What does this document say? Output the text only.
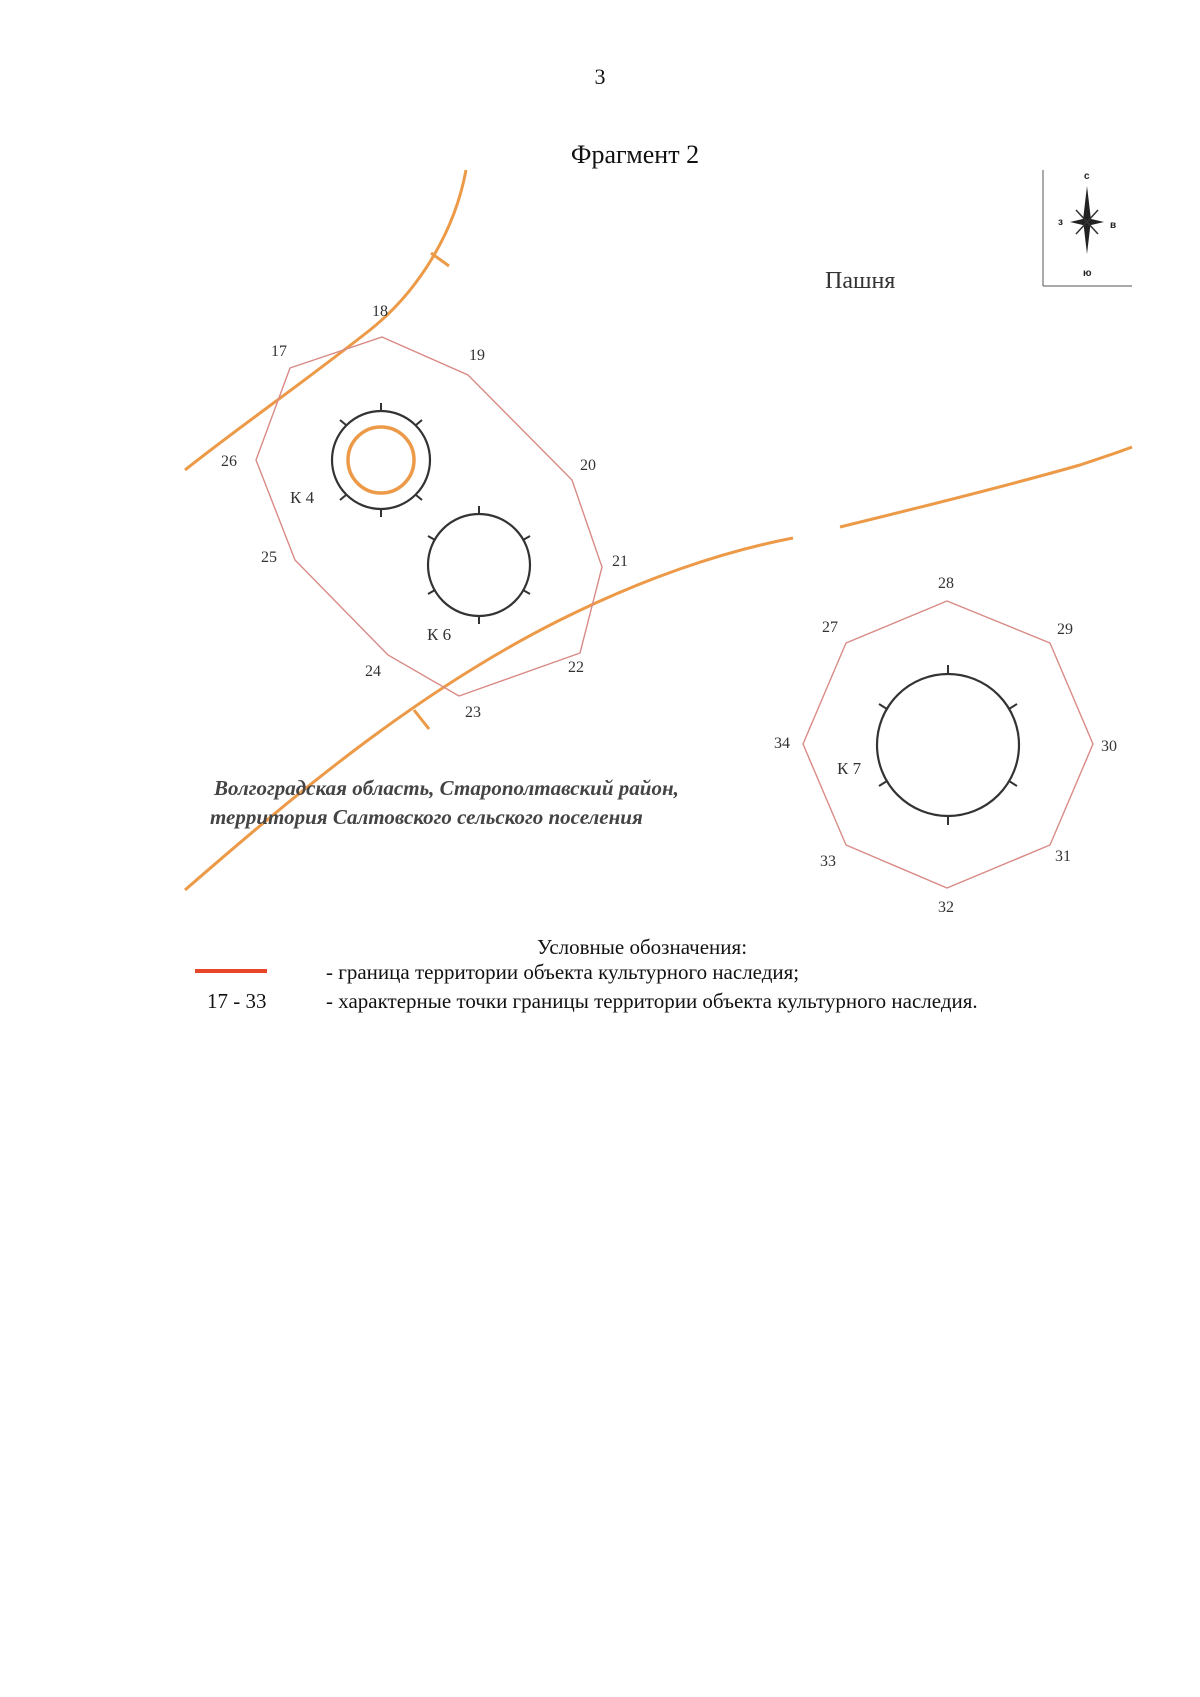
3
Фрагмент 2
17
18
19
20
21
22
23
24
25
26
27
28
29
30
31
32
33
34
К 4
К 6
К 7
Пашня
Волгоградская область, Старополтавский район,
территория Салтовского сельского поселения
с
ю
в
з
Условные обозначения:
- граница территории объекта культурного наследия;
17 - 33	- характерные точки границы территории объекта культурного наследия.
